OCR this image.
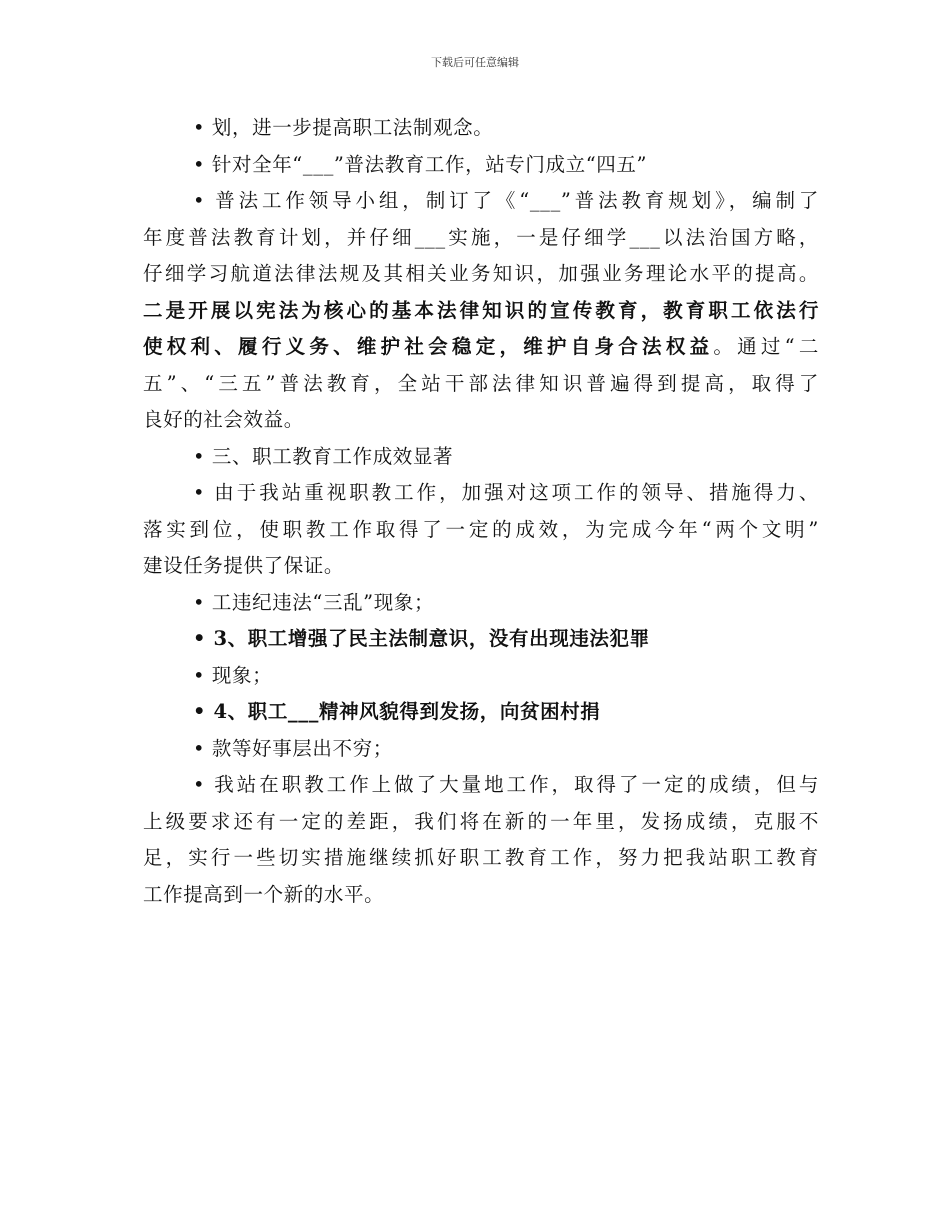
下载后可任意编辑
• 划，进一步提高职工法制观念。
• 针对全年“___”普法教育工作，站专门成立“四五”
• 普法工作领导小组，制订了《“___”普法教育规划》，编制了
年度普法教育计划，并仔细___实施，一是仔细学___以法治国方略，
仔细学习航道法律法规及其相关业务知识，加强业务理论水平的提高。
二是开展以宪法为核心的基本法律知识的宣传教育，教育职工依法行
使权利、履行义务、维护社会稳定，维护自身合法权益。通过“二
五”、“三五”普法教育，全站干部法律知识普遍得到提高，取得了
良好的社会效益。
• 三、职工教育工作成效显著
• 由于我站重视职教工作，加强对这项工作的领导、措施得力、
落实到位，使职教工作取得了一定的成效，为完成今年“两个文明”
建设任务提供了保证。
• 工违纪违法“三乱”现象；
• 3、职工增强了民主法制意识，没有出现违法犯罪
• 现象；
• 4、职工___精神风貌得到发扬，向贫困村捐
• 款等好事层出不穷；
• 我站在职教工作上做了大量地工作，取得了一定的成绩，但与
上级要求还有一定的差距，我们将在新的一年里，发扬成绩，克服不
足，实行一些切实措施继续抓好职工教育工作，努力把我站职工教育
工作提高到一个新的水平。
